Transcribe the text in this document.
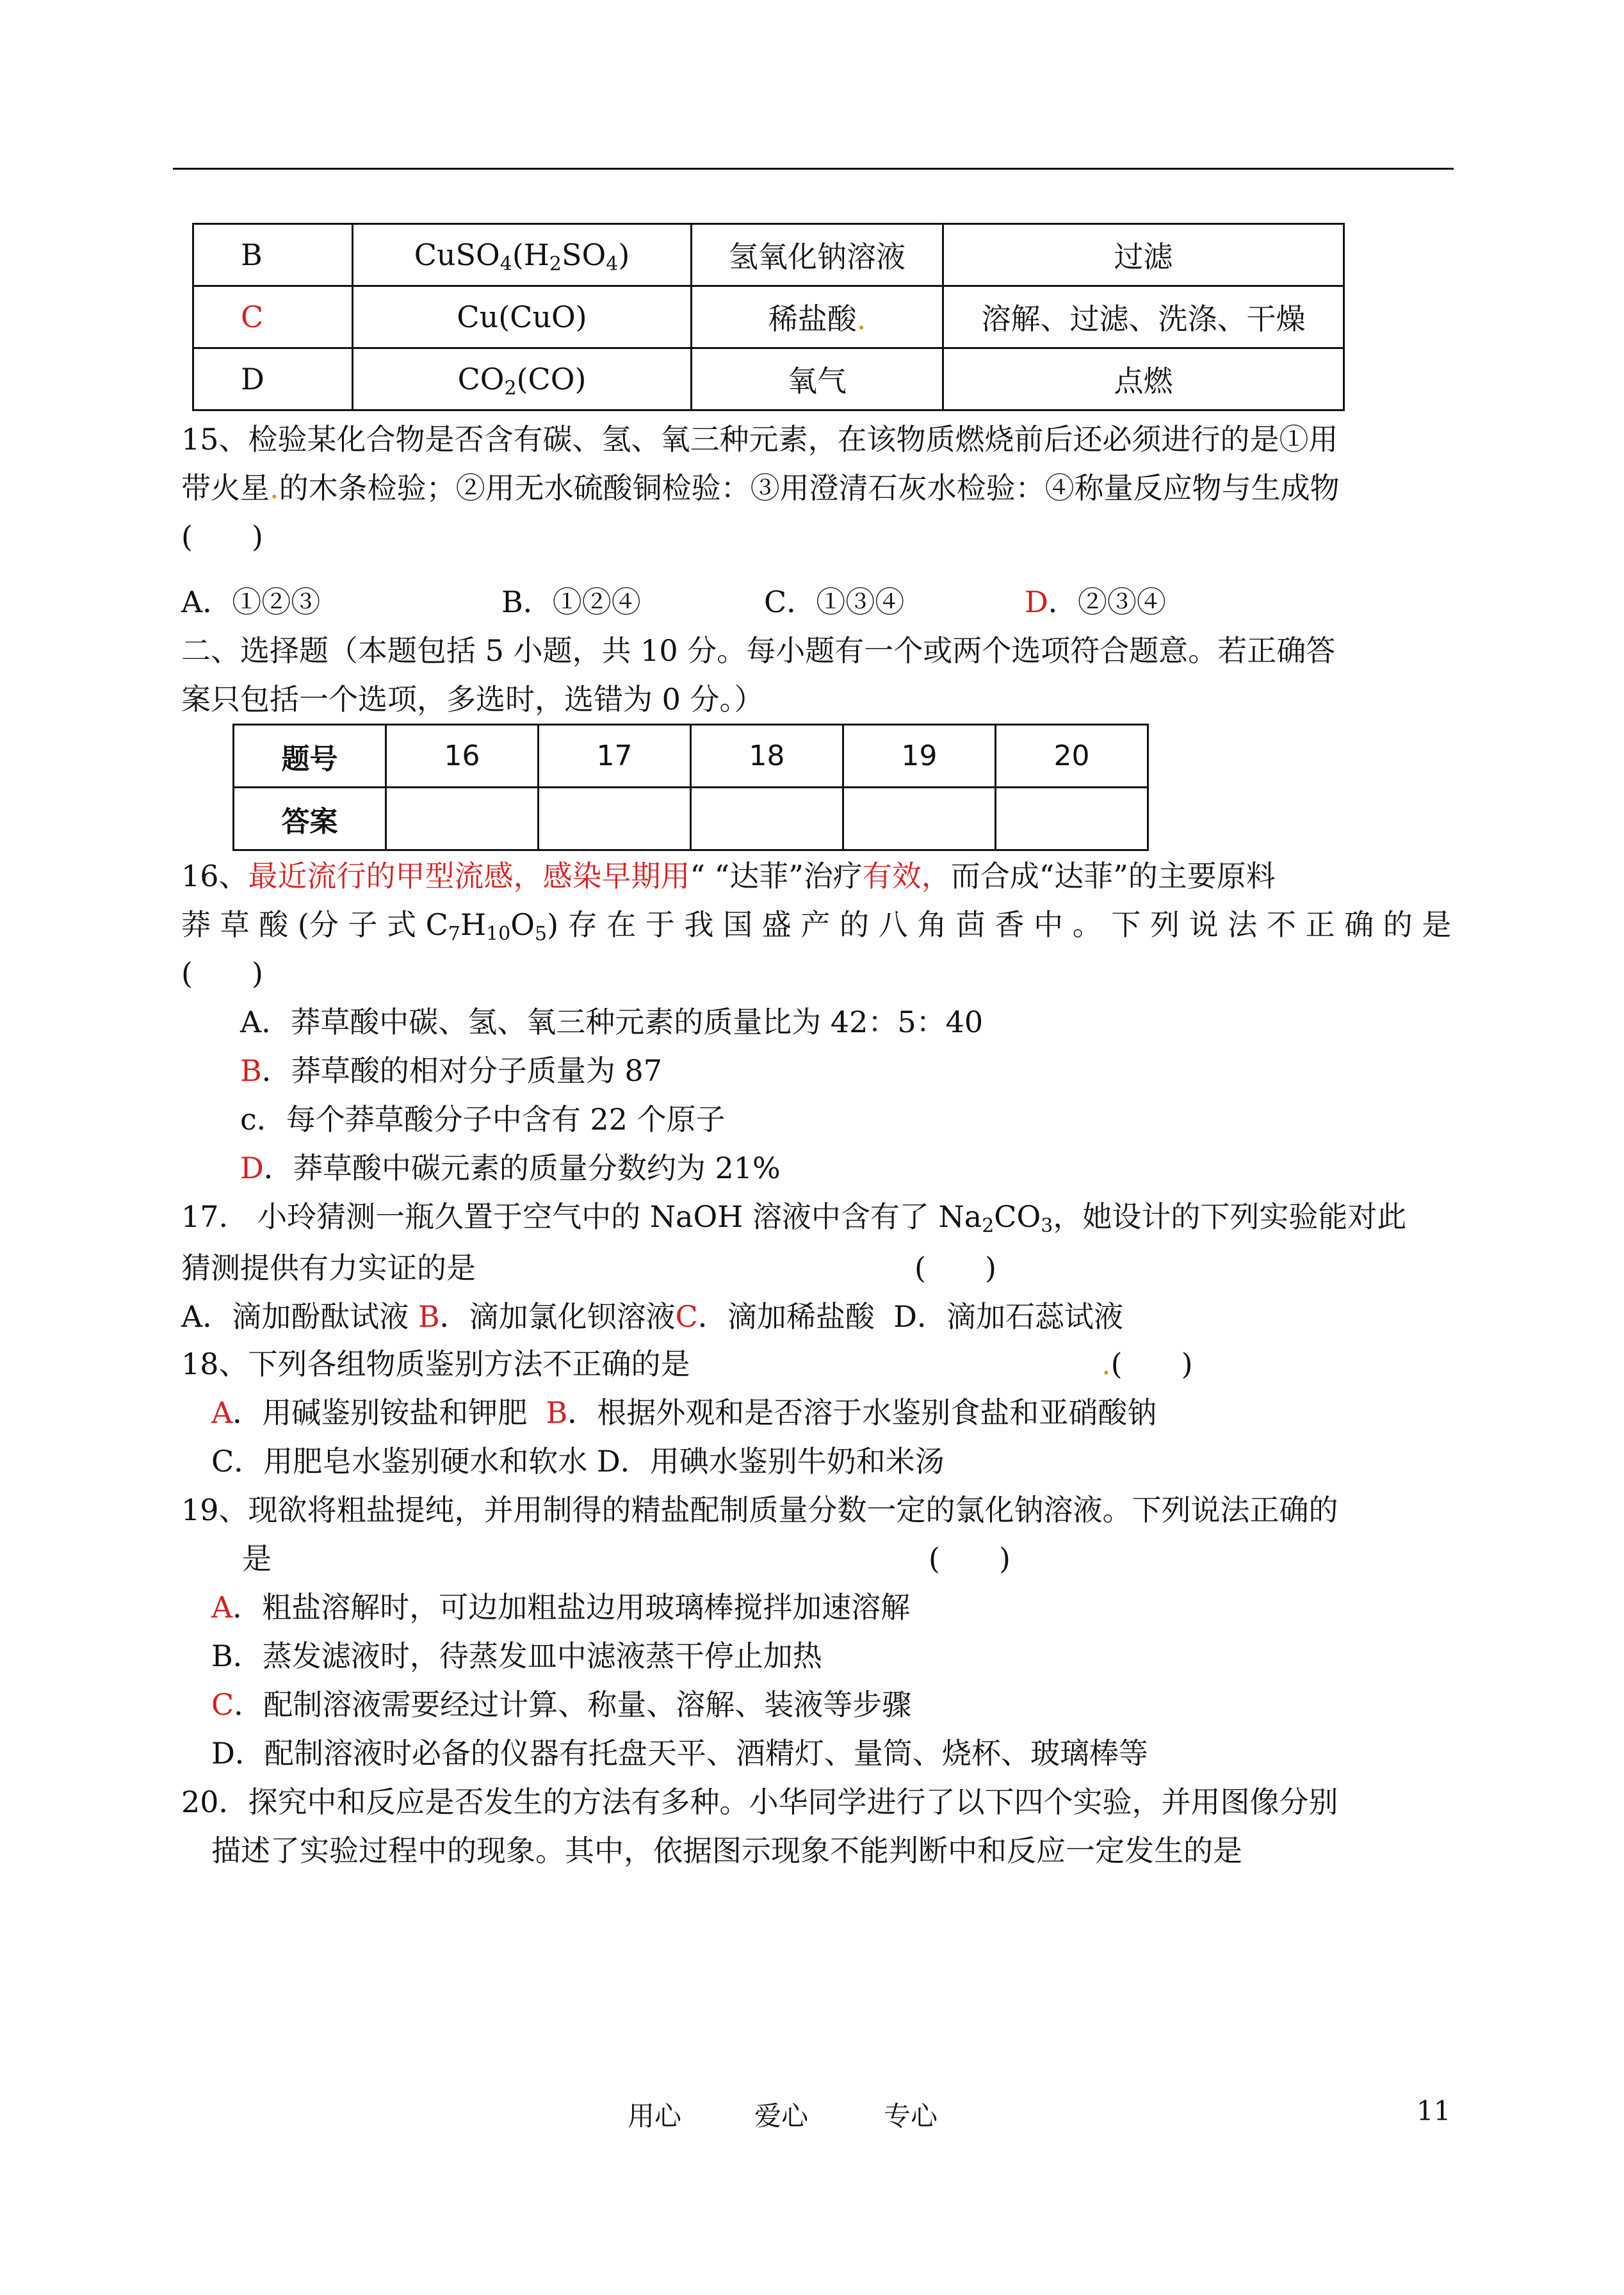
B	$CuSO_4(H_2SO_4)$	氢氧化钠溶液	过滤
C	Cu(CuO)	稀盐酸.	溶解、过滤、洗涤、干燥
D	$CO_2(CO)$	氧气	点燃
15、检验某化合物是否含有碳、氢、氧三种元素，在该物质燃烧前后还必须进行的是①用
带火星.的木条检验；②用无水硫酸铜检验：③用澄清石灰水检验：④称量反应物与生成物
(　　)
A．①②③	B．①②④	C．①③④	D．②③④
二、选择题（本题包括 5 小题，共 10 分。每小题有一个或两个选项符合题意。若正确答
案只包括一个选项，多选时，选错为 0 分。）
题号	16	17	18	19	20
答案					
16、最近流行的甲型流感，感染早期用“ “达菲”治疗有效，而合成“达菲”的主要原料
莽 草 酸 (分 子 式 $C_7H_{10}O_5$) 存 在 于 我 国 盛 产 的 八 角 茴 香 中 。 下 列 说 法 不 正 确 的 是
(　　)
A．莽草酸中碳、氢、氧三种元素的质量比为 42：5：40
B．莽草酸的相对分子质量为 87
c．每个莽草酸分子中含有 22 个原子
D．莽草酸中碳元素的质量分数约为 21%
17.　小玲猜测一瓶久置于空气中的 NaOH 溶液中含有了 $Na_2CO_3$，她设计的下列实验能对此
猜测提供有力实证的是	(　　)
A．滴加酚酞试液 B．滴加氯化钡溶液C．滴加稀盐酸 D．滴加石蕊试液
18、下列各组物质鉴别方法不正确的是	.(　　)
A．用碱鉴别铵盐和钾肥 B．根据外观和是否溶于水鉴别食盐和亚硝酸钠
C．用肥皂水鉴别硬水和软水 D．用碘水鉴别牛奶和米汤
19、现欲将粗盐提纯，并用制得的精盐配制质量分数一定的氯化钠溶液。下列说法正确的
是	(　　)
A．粗盐溶解时，可边加粗盐边用玻璃棒搅拌加速溶解
B．蒸发滤液时，待蒸发皿中滤液蒸干停止加热
C．配制溶液需要经过计算、称量、溶解、装液等步骤
D．配制溶液时必备的仪器有托盘天平、酒精灯、量筒、烧杯、玻璃棒等
20．探究中和反应是否发生的方法有多种。小华同学进行了以下四个实验，并用图像分别
描述了实验过程中的现象。其中，依据图示现象不能判断中和反应一定发生的是
用心	爱心	专心	11
